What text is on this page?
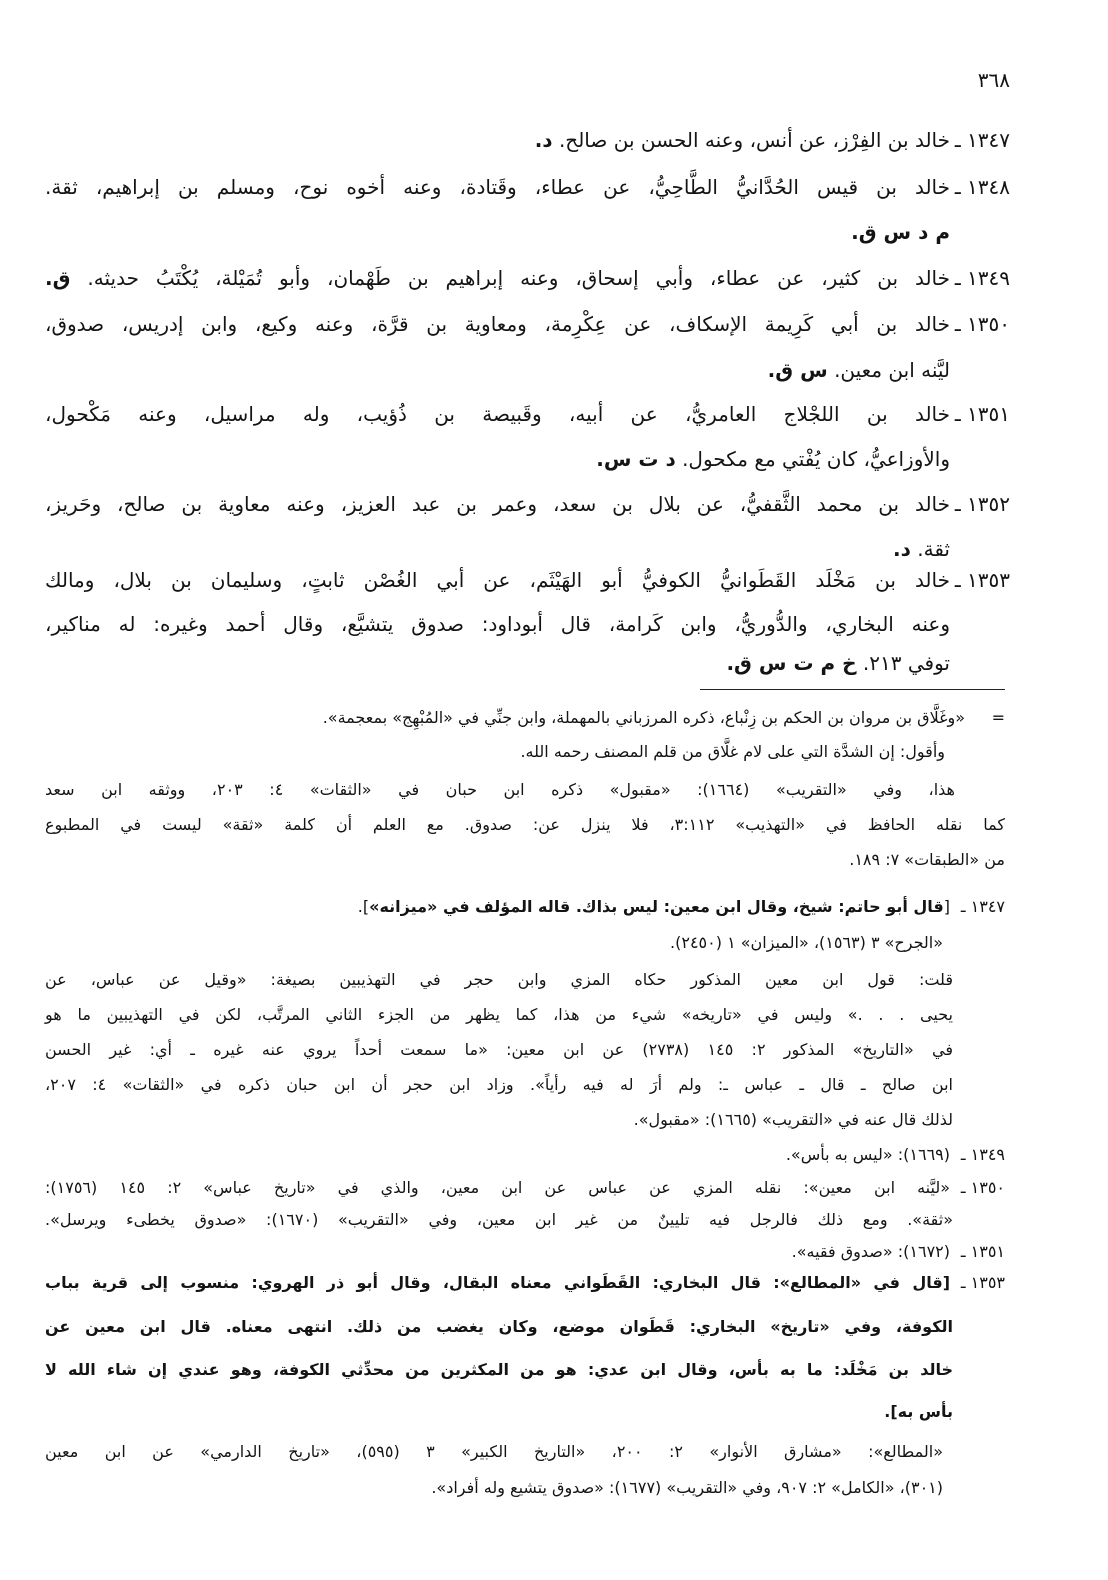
٣٦٨
١٣٤٧ ـ
خالد بن الفِرْز، عن أنس، وعنه الحسن بن صالح. د.
١٣٤٨ ـ
خالد بن قيس الحُدَّانيُّ الطَّاحِيُّ، عن عطاء، وقَتادة، وعنه أخوه نوح، ومسلم بن إبراهيم، ثقة.
م د س ق.
١٣٤٩ ـ
خالد بن كثير، عن عطاء، وأبي إسحاق، وعنه إبراهيم بن طَهْمان، وأبو تُمَيْلة، يُكْتَبُ حديثه. ق.
١٣٥٠ ـ
خالد بن أبي كَرِيمة الإسكاف، عن عِكْرِمة، ومعاوية بن قرَّة، وعنه وكيع، وابن إدريس، صدوق،
ليَّنه ابن معين. س ق.
١٣٥١ ـ
خالد بن اللجْلاج العامريُّ، عن أبيه، وقَبيصة بن ذُؤيب، وله مراسيل، وعنه مَكْحول،
والأوزاعيُّ، كان يُفْتي مع مكحول. د ت س.
١٣٥٢ ـ
خالد بن محمد الثَّقفيُّ، عن بلال بن سعد، وعمر بن عبد العزيز، وعنه معاوية بن صالح، وحَريز،
ثقة. د.
١٣٥٣ ـ
خالد بن مَخْلَد القَطَوانيُّ الكوفيُّ أبو الهَيْثَم، عن أبي الغُصْن ثابتٍ، وسليمان بن بلال، ومالك
وعنه البخاري، والدُّوريُّ، وابن كَرامة، قال أبوداود: صدوق يتشيَّع، وقال أحمد وغيره: له مناكير،
توفي ٢١٣. خ م ت س ق.
=
«وغَلَّاق بن مروان بن الحكم بن زِنْباع، ذكره المرزباني بالمهملة، وابن جنِّي في «المُبْهِج» بمعجمة».
وأقول: إن الشدَّة التي على لام غلَّاق من قلم المصنف رحمه الله.
هذا، وفي «التقريب» (١٦٦٤): «مقبول» ذكره ابن حبان في «الثقات» ٤: ٢٠٣، ووثقه ابن سعد
كما نقله الحافظ في «التهذيب» ٣:١١٢، فلا ينزل عن: صدوق. مع العلم أن كلمة «ثقة» ليست في المطبوع
من «الطبقات» ٧: ١٨٩.
١٣٤٧ ـ
[قال أبو حاتم: شيخ، وقال ابن معين: ليس بذاك. قاله المؤلف في «ميزانه»].
«الجرح» ٣ (١٥٦٣)، «الميزان» ١ (٢٤٥٠).
قلت: قول ابن معين المذكور حكاه المزي وابن حجر في التهذيبين بصيغة: «وقيل عن عباس، عن
يحيى . . .» وليس في «تاريخه» شيء من هذا، كما يظهر من الجزء الثاني المرتَّب، لكن في التهذيبين ما هو
في «التاريخ» المذكور ٢: ١٤٥ (٢٧٣٨) عن ابن معين: «ما سمعت أحداً يروي عنه غيره ـ أي: غير الحسن
ابن صالح ـ قال ـ عباس ـ: ولم أرَ له فيه رأياً». وزاد ابن حجر أن ابن حبان ذكره في «الثقات» ٤: ٢٠٧،
لذلك قال عنه في «التقريب» (١٦٦٥): «مقبول».
١٣٤٩ ـ
(١٦٦٩): «ليس به بأس».
١٣٥٠ ـ
«ليَّنه ابن معين»: نقله المزي عن عباس عن ابن معين، والذي في «تاريخ عباس» ٢: ١٤٥ (١٧٥٦):
«ثقة». ومع ذلك فالرجل فيه تليينٌ من غير ابن معين، وفي «التقريب» (١٦٧٠): «صدوق يخطىء ويرسل».
١٣٥١ ـ
(١٦٧٢): «صدوق فقيه».
١٣٥٣ ـ
[قال في «المطالع»: قال البخاري: القَطَواني معناه البقال، وقال أبو ذر الهروي: منسوب إلى قرية بباب
الكوفة، وفي «تاريخ» البخاري: قَطَوان موضع، وكان يغضب من ذلك. انتهى معناه. قال ابن معين عن
خالد بن مَخْلَد: ما به بأس، وقال ابن عدي: هو من المكثرين من محدِّثي الكوفة، وهو عندي إن شاء الله لا
بأس به].
«المطالع»: «مشارق الأنوار» ٢: ٢٠٠، «التاريخ الكبير» ٣ (٥٩٥)، «تاريخ الدارمي» عن ابن معين
(٣٠١)، «الكامل» ٢: ٩٠٧، وفي «التقريب» (١٦٧٧): «صدوق يتشيع وله أفراد».
